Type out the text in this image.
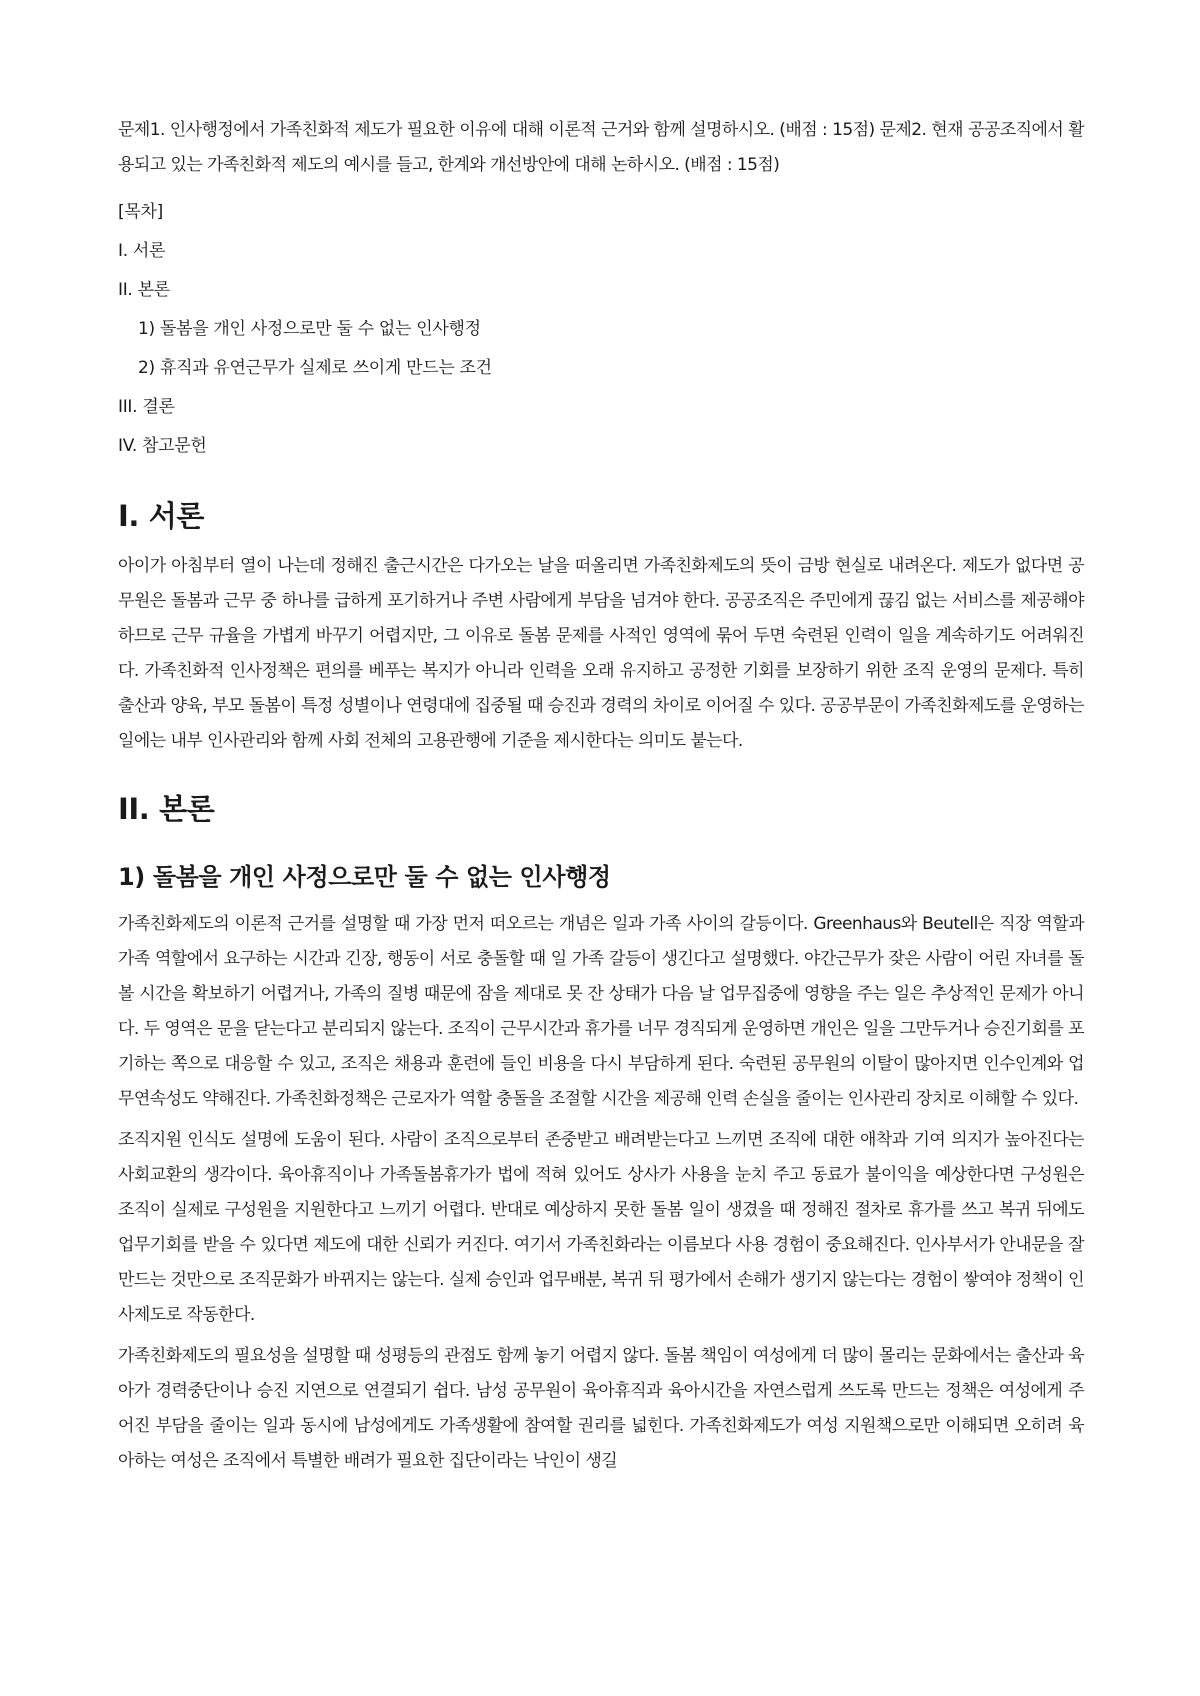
문제1. 인사행정에서 가족친화적 제도가 필요한 이유에 대해 이론적 근거와 함께 설명하시오. (배점 : 15점) 문제2. 현재 공공조직에서 활용되고 있는 가족친화적 제도의 예시를 들고, 한계와 개선방안에 대해 논하시오. (배점 : 15점)

[목차]
I. 서론
II. 본론
1) 돌봄을 개인 사정으로만 둘 수 없는 인사행정
2) 휴직과 유연근무가 실제로 쓰이게 만드는 조건
III. 결론
IV. 참고문헌
I. 서론

아이가 아침부터 열이 나는데 정해진 출근시간은 다가오는 날을 떠올리면 가족친화제도의 뜻이 금방 현실로 내려온다. 제도가 없다면 공무원은 돌봄과 근무 중 하나를 급하게 포기하거나 주변 사람에게 부담을 넘겨야 한다. 공공조직은 주민에게 끊김 없는 서비스를 제공해야 하므로 근무 규율을 가볍게 바꾸기 어렵지만, 그 이유로 돌봄 문제를 사적인 영역에 묶어 두면 숙련된 인력이 일을 계속하기도 어려워진다. 가족친화적 인사정책은 편의를 베푸는 복지가 아니라 인력을 오래 유지하고 공정한 기회를 보장하기 위한 조직 운영의 문제다. 특히 출산과 양육, 부모 돌봄이 특정 성별이나 연령대에 집중될 때 승진과 경력의 차이로 이어질 수 있다. 공공부문이 가족친화제도를 운영하는 일에는 내부 인사관리와 함께 사회 전체의 고용관행에 기준을 제시한다는 의미도 붙는다.

II. 본론
1) 돌봄을 개인 사정으로만 둘 수 없는 인사행정

가족친화제도의 이론적 근거를 설명할 때 가장 먼저 떠오르는 개념은 일과 가족 사이의 갈등이다. Greenhaus와 Beutell은 직장 역할과 가족 역할에서 요구하는 시간과 긴장, 행동이 서로 충돌할 때 일 가족 갈등이 생긴다고 설명했다. 야간근무가 잦은 사람이 어린 자녀를 돌볼 시간을 확보하기 어렵거나, 가족의 질병 때문에 잠을 제대로 못 잔 상태가 다음 날 업무집중에 영향을 주는 일은 추상적인 문제가 아니다. 두 영역은 문을 닫는다고 분리되지 않는다. 조직이 근무시간과 휴가를 너무 경직되게 운영하면 개인은 일을 그만두거나 승진기회를 포기하는 쪽으로 대응할 수 있고, 조직은 채용과 훈련에 들인 비용을 다시 부담하게 된다. 숙련된 공무원의 이탈이 많아지면 인수인계와 업무연속성도 약해진다. 가족친화정책은 근로자가 역할 충돌을 조절할 시간을 제공해 인력 손실을 줄이는 인사관리 장치로 이해할 수 있다.

조직지원 인식도 설명에 도움이 된다. 사람이 조직으로부터 존중받고 배려받는다고 느끼면 조직에 대한 애착과 기여 의지가 높아진다는 사회교환의 생각이다. 육아휴직이나 가족돌봄휴가가 법에 적혀 있어도 상사가 사용을 눈치 주고 동료가 불이익을 예상한다면 구성원은 조직이 실제로 구성원을 지원한다고 느끼기 어렵다. 반대로 예상하지 못한 돌봄 일이 생겼을 때 정해진 절차로 휴가를 쓰고 복귀 뒤에도 업무기회를 받을 수 있다면 제도에 대한 신뢰가 커진다. 여기서 가족친화라는 이름보다 사용 경험이 중요해진다. 인사부서가 안내문을 잘 만드는 것만으로 조직문화가 바뀌지는 않는다. 실제 승인과 업무배분, 복귀 뒤 평가에서 손해가 생기지 않는다는 경험이 쌓여야 정책이 인사제도로 작동한다.

가족친화제도의 필요성을 설명할 때 성평등의 관점도 함께 놓기 어렵지 않다. 돌봄 책임이 여성에게 더 많이 몰리는 문화에서는 출산과 육아가 경력중단이나 승진 지연으로 연결되기 쉽다. 남성 공무원이 육아휴직과 육아시간을 자연스럽게 쓰도록 만드는 정책은 여성에게 주어진 부담을 줄이는 일과 동시에 남성에게도 가족생활에 참여할 권리를 넓힌다. 가족친화제도가 여성 지원책으로만 이해되면 오히려 육아하는 여성은 조직에서 특별한 배려가 필요한 집단이라는 낙인이 생길
